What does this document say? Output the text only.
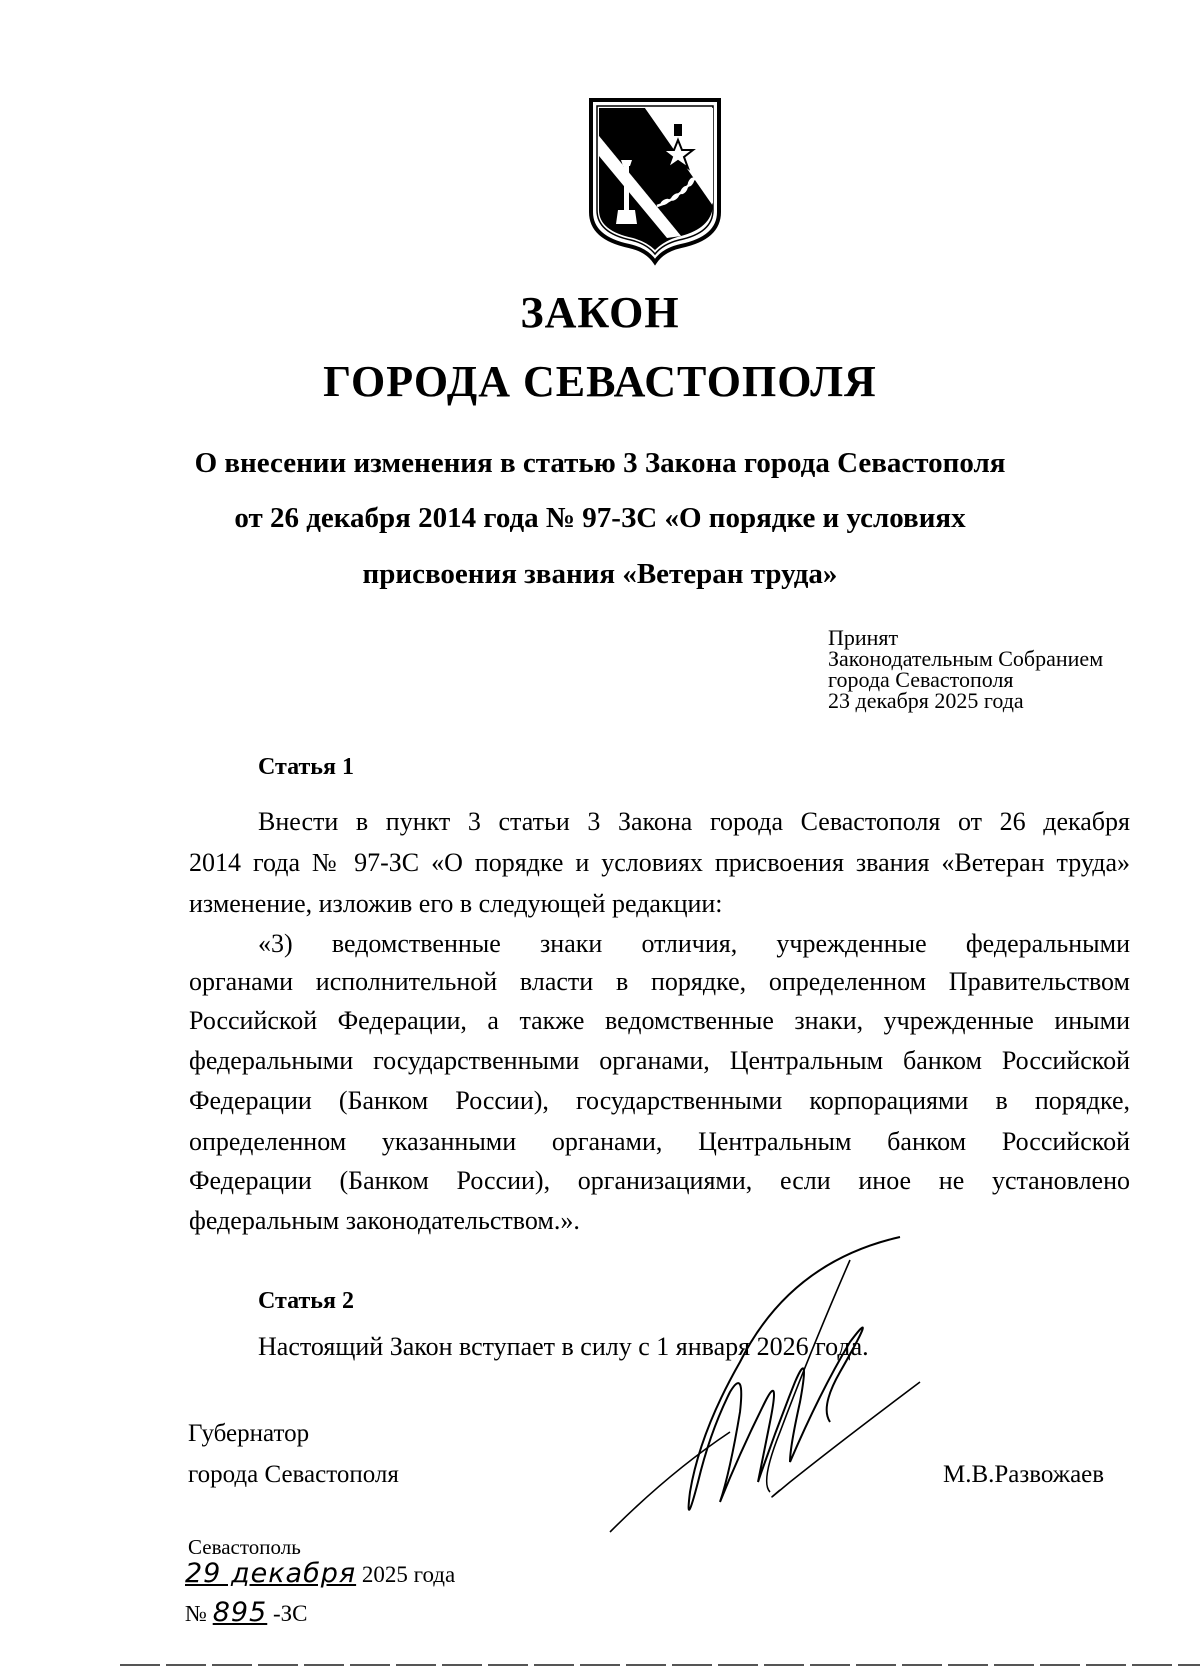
ЗАКОН
ГОРОДА СЕВАСТОПОЛЯ
О внесении изменения в статью 3 Закона города Севастополя
от 26 декабря 2014 года № 97-ЗС «О порядке и условиях
присвоения звания «Ветеран труда»
Принят
Законодательным Собранием
города Севастополя
23 декабря 2025 года
Статья 1
Внести в пункт 3 статьи 3 Закона города Севастополя от 26 декабря
2014 года № 97-ЗС «О порядке и условиях присвоения звания «Ветеран труда»
изменение, изложив его в следующей редакции:
«3) ведомственные знаки отличия, учрежденные федеральными
органами исполнительной власти в порядке, определенном Правительством
Российской Федерации, а также ведомственные знаки, учрежденные иными
федеральными государственными органами, Центральным банком Российской
Федерации (Банком России), государственными корпорациями в порядке,
определенном указанными органами, Центральным банком Российской
Федерации (Банком России), организациями, если иное не установлено
федеральным законодательством.».
Статья 2
Настоящий Закон вступает в силу с 1 января 2026 года.
Губернатор
города Севастополя	М.В.Развожаев
Севастополь
29 декабря 2025 года
№ 895 -ЗС
